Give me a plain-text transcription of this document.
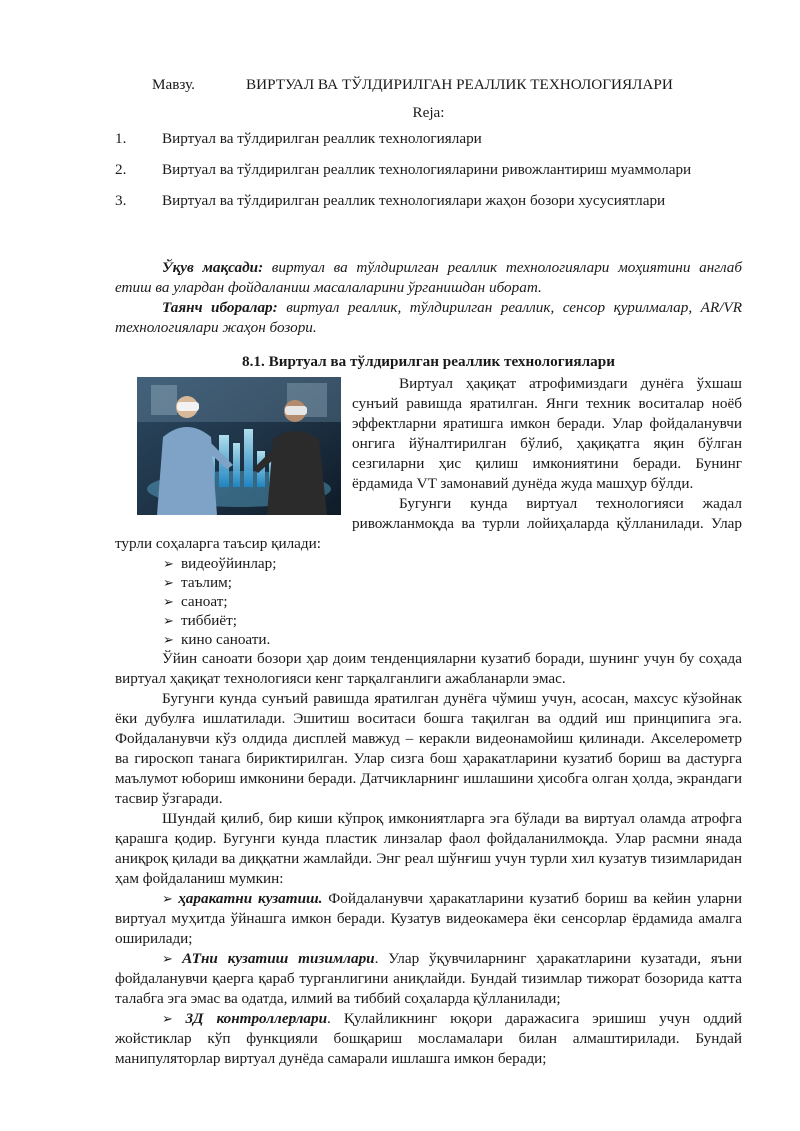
Мавзу.	ВИРТУАЛ ВА ТЎЛДИРИЛГАН РЕАЛЛИК ТЕХНОЛОГИЯЛАРИ
Reja:
1. Виртуал ва тўлдирилган реаллик технологиялари
2. Виртуал ва тўлдирилган реаллик технологияларини ривожлантириш муаммолари
3. Виртуал ва тўлдирилган реаллик технологиялари жаҳон бозори хусусиятлари

Ўқув мақсади: виртуал ва тўлдирилган реаллик технологиялари моҳиятини англаб етиш ва улардан фойдаланиш масалаларини ўрганишдан иборат.

Таянч иборалар: виртуал реаллик, тўлдирилган реаллик, сенсор қурилмалар, AR/VR технологиялари жаҳон бозори.

8.1. Виртуал ва тўлдирилган реаллик технологиялари

Виртуал ҳақиқат атрофимиздаги дунёга ўхшаш сунъий равишда яратилган. Янги техник воситалар ноёб эффектларни яратишга имкон беради. Улар фойдаланувчи онгига йўналтирилган бўлиб, ҳақиқатга яқин бўлган сезгиларни ҳис қилиш имкониятини беради. Бунинг ёрдамида VT замонавий дунёда жуда машҳур бўлди.

Бугунги кунда виртуал технологияси жадал ривожланмоқда ва турли лойиҳаларда қўлланилади. Улар турли соҳаларга таъсир қилади:

➢ видеоўйинлар;
➢ таълим;
➢ саноат;
➢ тиббиёт;
➢ кино саноати.

Ўйин саноати бозори ҳар доим тенденцияларни кузатиб боради, шунинг учун бу соҳада виртуал ҳақиқат технологияси кенг тарқалганлиги ажабланарли эмас.

Бугунги кунда сунъий равишда яратилган дунёга чўмиш учун, асосан, махсус кўзойнак ёки дубулға ишлатилади. Эшитиш воситаси бошга тақилган ва оддий иш принципига эга. Фойдаланувчи кўз олдида дисплей мавжуд – керакли видеонамойиш қилинади. Акселерометр ва гироскоп танага бириктирилган. Улар сизга бош ҳаракатларини кузатиб бориш ва дастурга маълумот юбориш имконини беради. Датчикларнинг ишлашини ҳисобга олган ҳолда, экрандаги тасвир ўзгаради.

Шундай қилиб, бир киши кўпроқ имкониятларга эга бўлади ва виртуал оламда атрофга қарашга қодир. Бугунги кунда пластик линзалар фаол фойдаланилмоқда. Улар расмни янада аниқроқ қилади ва диққатни жамлайди. Энг реал шўнғиш учун турли хил кузатув тизимларидан ҳам фойдаланиш мумкин:

➢ ҳаракатни кузатиш. Фойдаланувчи ҳаракатларини кузатиб бориш ва кейин уларни виртуал муҳитда ўйнашга имкон беради. Кузатув видеокамера ёки сенсорлар ёрдамида амалга оширилади;

➢ АТни кузатиш тизимлари. Улар ўқувчиларнинг ҳаракатларини кузатади, яъни фойдаланувчи қаерга қараб турганлигини аниқлайди. Бундай тизимлар тижорат бозорида катта талабга эга эмас ва одатда, илмий ва тиббий соҳаларда қўлланилади;

➢ 3Д контроллерлари. Қулайликнинг юқори даражасига эришиш учун оддий жойстиклар кўп функцияли бошқариш мосламалари билан алмаштирилади. Бундай манипуляторлар виртуал дунёда самарали ишлашга имкон беради;
